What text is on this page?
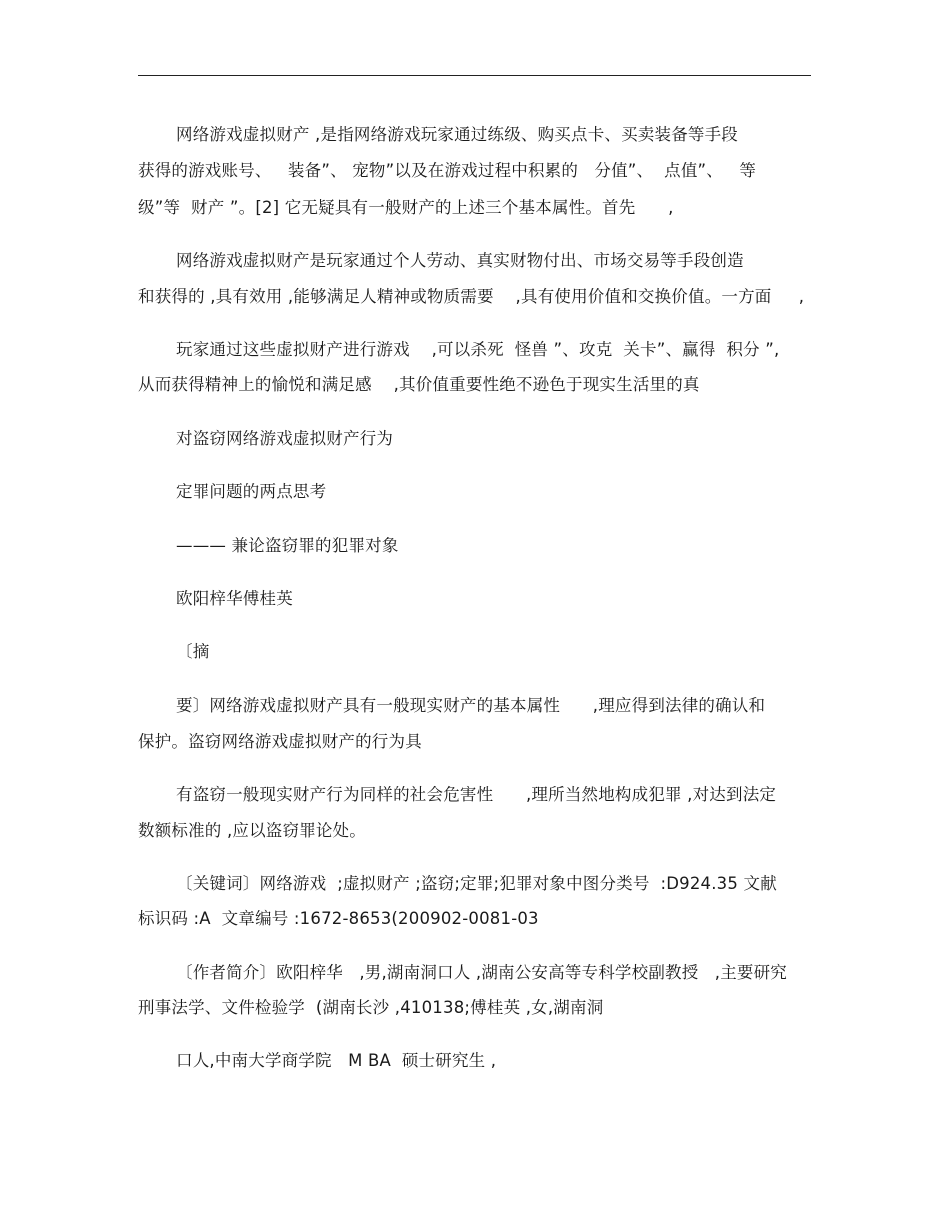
网络游戏虚拟财产 ,是指网络游戏玩家通过练级、购买点卡、买卖装备等手段
获得的游戏账号、   装备”、 宠物”以及在游戏过程中积累的   分值”、  点值”、   等
级”等  财产 ”。[2] 它无疑具有一般财产的上述三个基本属性。首先      ,
网络游戏虚拟财产是玩家通过个人劳动、真实财物付出、市场交易等手段创造
和获得的 ,具有效用 ,能够满足人精神或物质需要    ,具有使用价值和交换价值。一方面     ,
玩家通过这些虚拟财产进行游戏    ,可以杀死  怪兽 ”、攻克  关卡”、赢得  积分 ”,
从而获得精神上的愉悦和满足感    ,其价值重要性绝不逊色于现实生活里的真
对盗窃网络游戏虚拟财产行为
定罪问题的两点思考
——— 兼论盗窃罪的犯罪对象
欧阳梓华傅桂英
〔摘
要〕网络游戏虚拟财产具有一般现实财产的基本属性      ,理应得到法律的确认和
保护。盗窃网络游戏虚拟财产的行为具
有盗窃一般现实财产行为同样的社会危害性      ,理所当然地构成犯罪 ,对达到法定
数额标准的 ,应以盗窃罪论处。
〔关键词〕网络游戏  ;虚拟财产 ;盗窃;定罪;犯罪对象中图分类号  :D924.35 文献
标识码 :A  文章编号 :1672-8653(200902-0081-03
〔作者简介〕欧阳梓华   ,男,湖南洞口人 ,湖南公安高等专科学校副教授   ,主要研究
刑事法学、文件检验学  (湖南长沙 ,410138;傅桂英 ,女,湖南洞
口人,中南大学商学院   M BA  硕士研究生 ,
